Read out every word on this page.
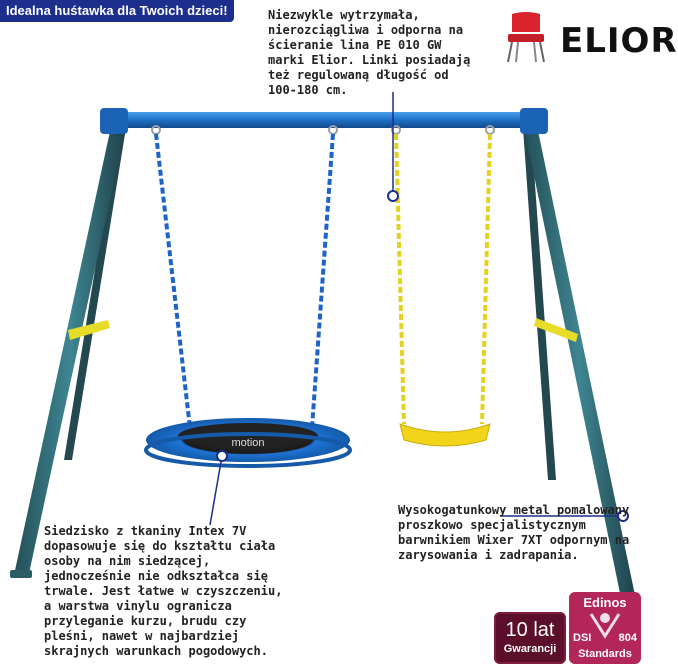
Idealna huśtawka dla Twoich dzieci!
motion
ELIOR
Niezwykle wytrzymała, nierozciągliwa i odporna na ścieranie lina PE 010 GW marki Elior. Linki posiadają też regulowaną długość od 100-180 cm.
Wysokogatunkowy metal pomalowany proszkowo specjalistycznym barwnikiem Wixer 7XT odpornym na zarysowania i zadrapania.
Siedzisko z tkaniny Intex 7V dopasowuje się do kształtu ciała osoby na nim siedzącej, jednocześnie nie odkształca się trwale. Jest łatwe w czyszczeniu, a warstwa vinylu ogranicza przyleganie kurzu, brudu czy pleśni, nawet w najbardziej skrajnych warunkach pogodowych.
10 lat
Gwarancji
Edinos
DSI 804
Standards
